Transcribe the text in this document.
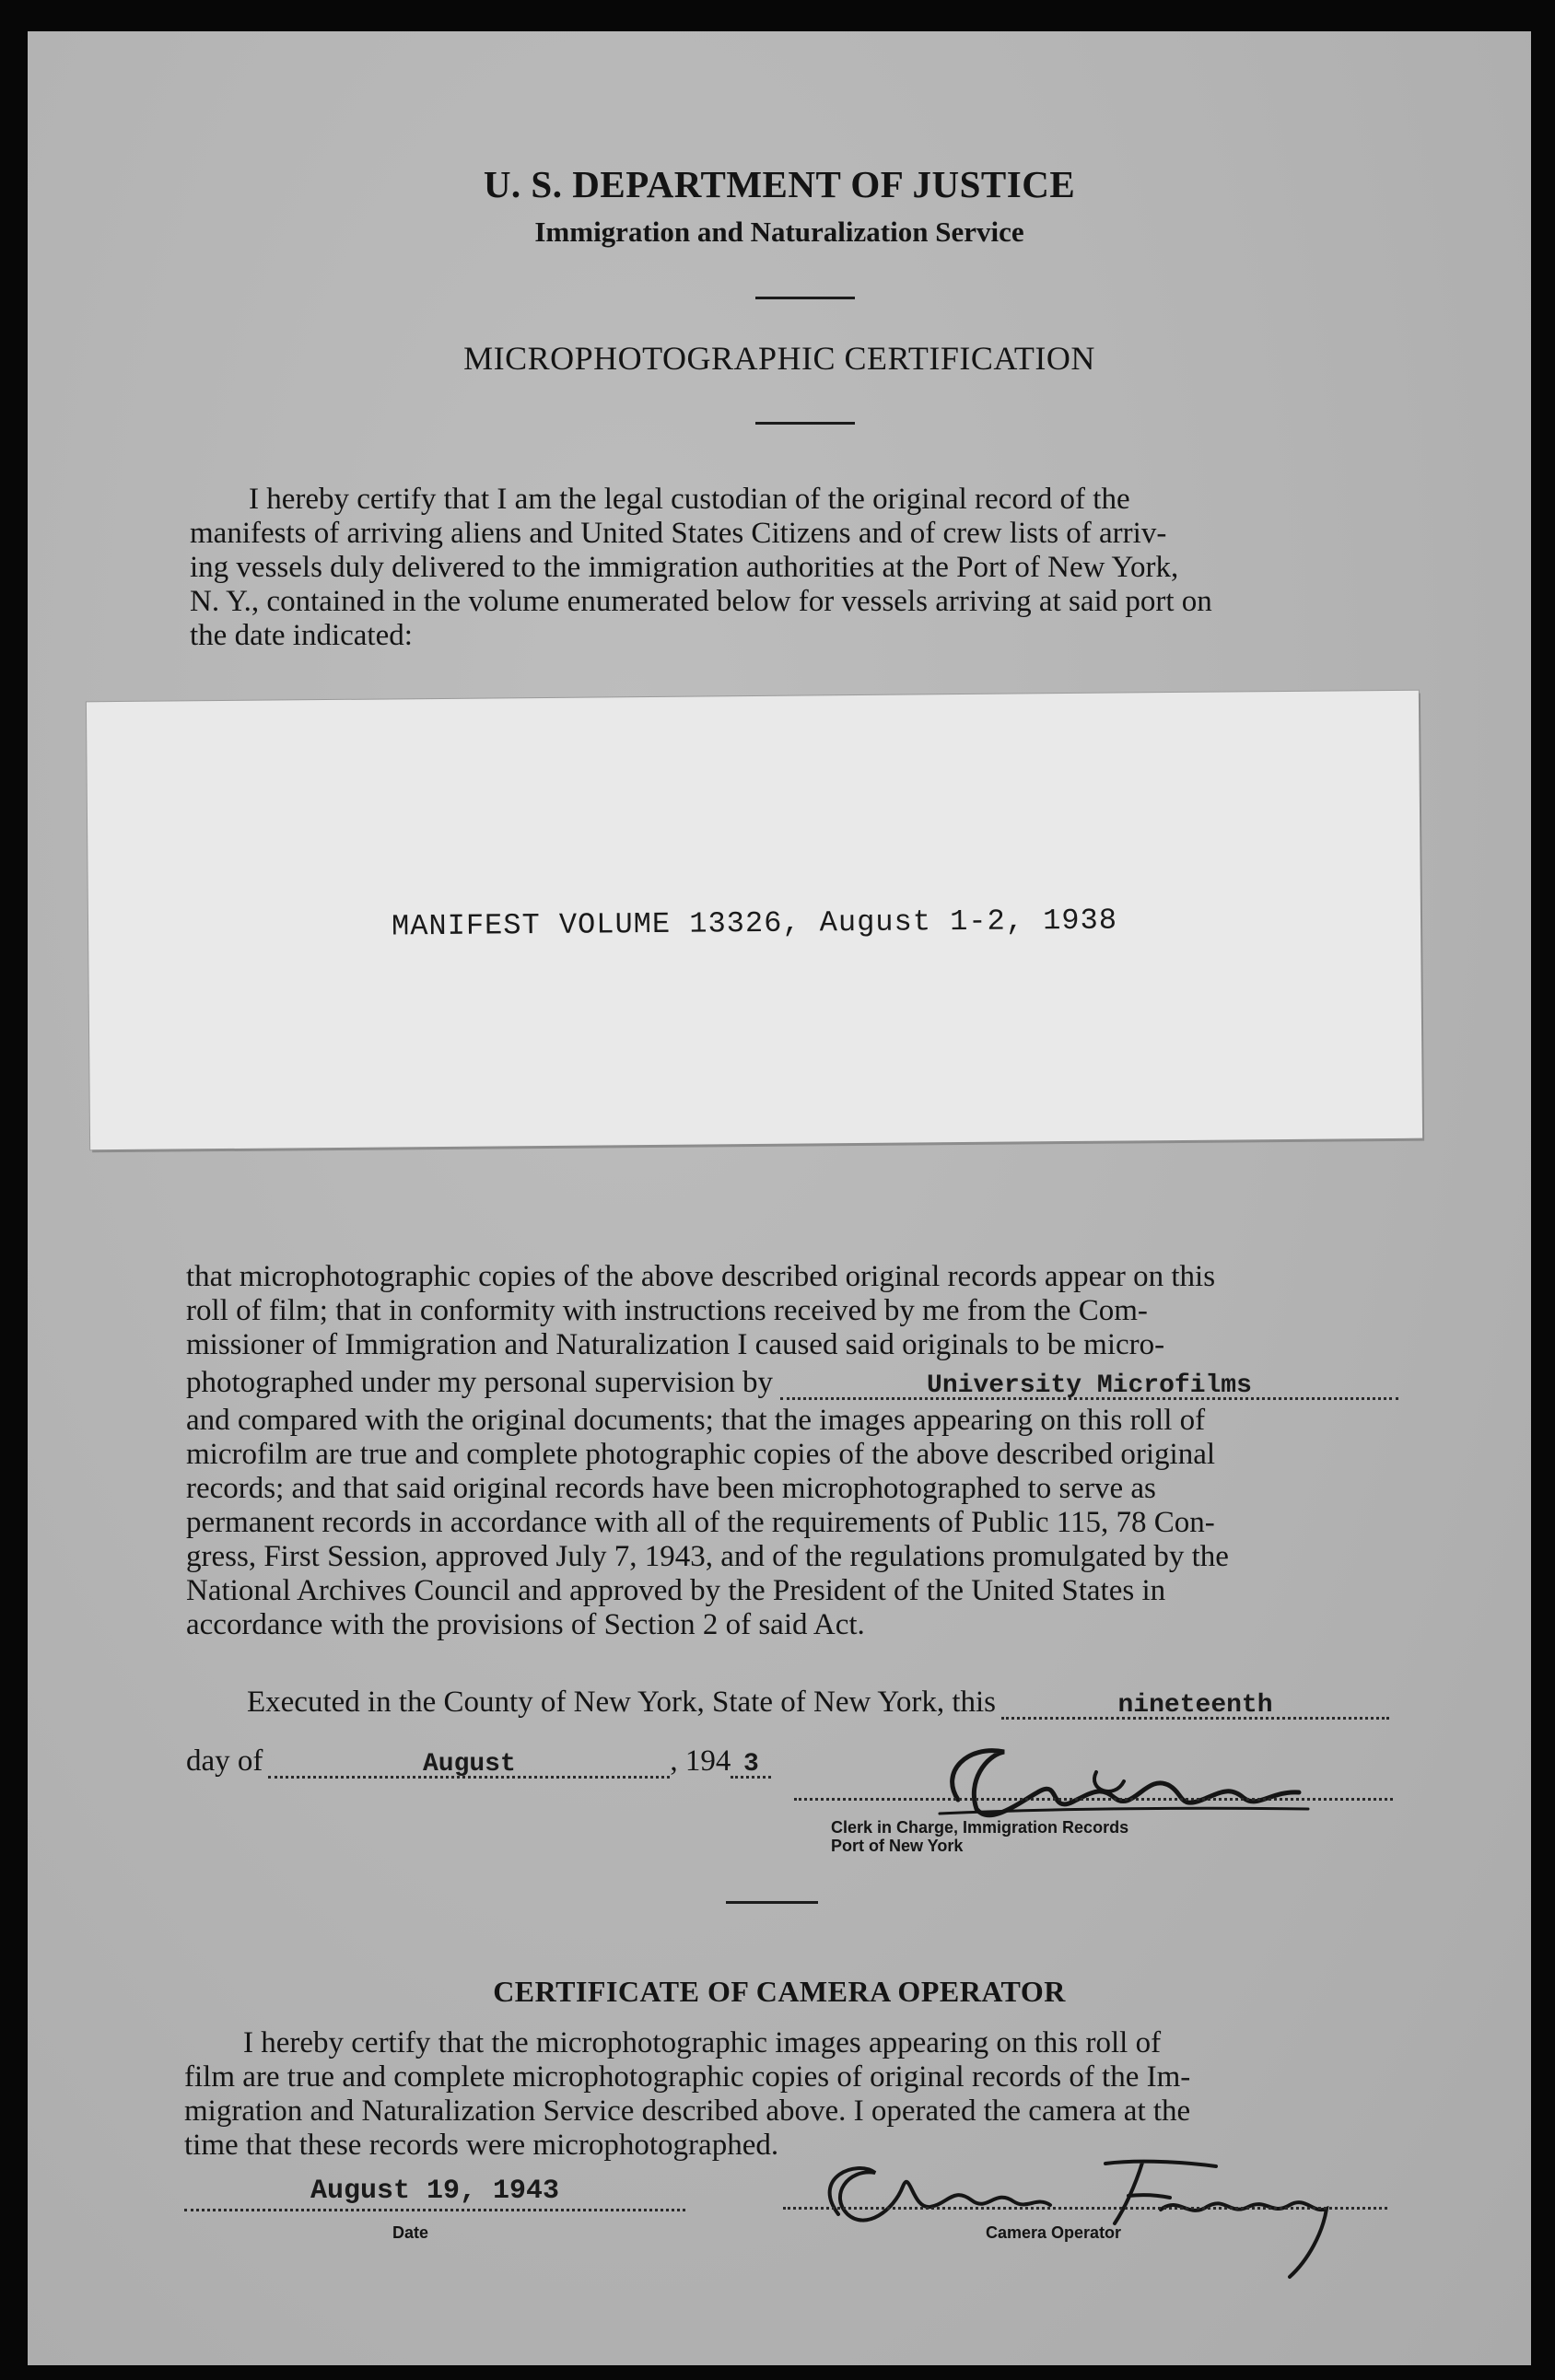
U. S. DEPARTMENT OF JUSTICE
Immigration and Naturalization Service
MICROPHOTOGRAPHIC CERTIFICATION
I hereby certify that I am the legal custodian of the original record of the
manifests of arriving aliens and United States Citizens and of crew lists of arriv-
ing vessels duly delivered to the immigration authorities at the Port of New York,
N. Y., contained in the volume enumerated below for vessels arriving at said port on
the date indicated:
MANIFEST VOLUME 13326, August 1-2, 1938
that microphotographic copies of the above described original records appear on this
roll of film; that in conformity with instructions received by me from the Com-
missioner of Immigration and Naturalization I caused said originals to be micro-
photographed under my personal supervision by	University Microfilms
and compared with the original documents; that the images appearing on this roll of
microfilm are true and complete photographic copies of the above described original
records; and that said original records have been microphotographed to serve as
permanent records in accordance with all of the requirements of Public 115, 78 Con-
gress, First Session, approved July 7, 1943, and of the regulations promulgated by the
National Archives Council and approved by the President of the United States in
accordance with the provisions of Section 2 of said Act.
Executed in the County of New York, State of New York, this	nineteenth
day of	August	, 194 3
Clerk in Charge, Immigration Records
Port of New York
CERTIFICATE OF CAMERA OPERATOR
I hereby certify that the microphotographic images appearing on this roll of
film are true and complete microphotographic copies of original records of the Im-
migration and Naturalization Service described above. I operated the camera at the
time that these records were microphotographed.
August 19, 1943
Date	Camera Operator
